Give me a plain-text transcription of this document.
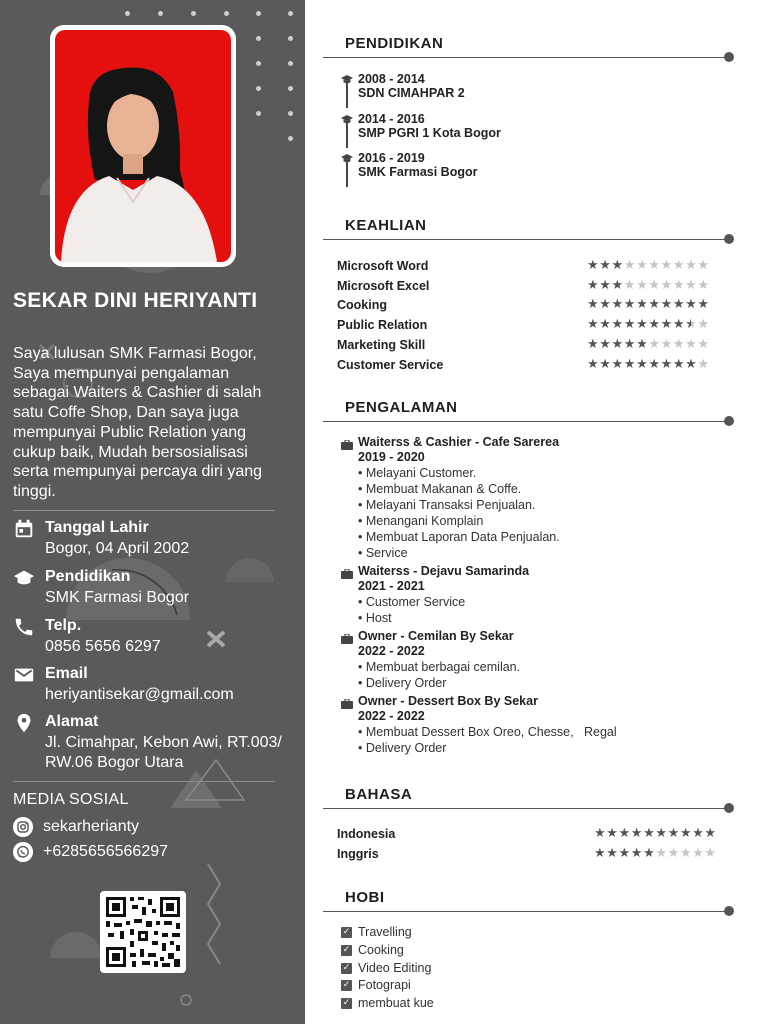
SEKAR DINI HERIYANTI
Saya lulusan SMK Farmasi Bogor, Saya mempunyai pengalaman sebagai Waiters & Cashier di salah satu Coffe Shop, Dan saya juga mempunyai Public Relation yang cukup baik, Mudah bersosialisasi serta mempunyai percaya diri yang tinggi.
Tanggal Lahir
Bogor, 04 April 2002
Pendidikan
SMK Farmasi Bogor
Telp.
0856 5656 6297
Email
heriyantisekar@gmail.com
Alamat
Jl. Cimahpar, Kebon Awi, RT.003/ RW.06 Bogor Utara
MEDIA SOSIAL
sekarherianty
+6285656566297
PENDIDIKAN
2008 - 2014
SDN CIMAHPAR 2
2014 - 2016
SMP PGRI 1 Kota Bogor
2016 - 2019
SMK Farmasi Bogor
KEAHLIAN
Microsoft Word	★★★★★★★★★★
Microsoft Excel	★★★★★★★★★★
Cooking	★★★★★★★★★★
Public Relation	★★★★★★★★★★
Marketing Skill	★★★★★★★★★★
Customer Service	★★★★★★★★★★
PENGALAMAN
Waiterss & Cashier - Cafe Sarerea
2019 - 2020
• Melayani Customer.
• Membuat Makanan & Coffe.
• Melayani Transaksi Penjualan.
• Menangani Komplain
• Membuat Laporan Data Penjualan.
• Service
Waiterss - Dejavu Samarinda
2021 - 2021
• Customer Service
• Host
Owner - Cemilan By Sekar
2022 - 2022
• Membuat berbagai cemilan.
• Delivery Order
Owner - Dessert Box By Sekar
2022 - 2022
• Membuat Dessert Box Oreo, Chesse,   Regal
• Delivery Order
BAHASA
Indonesia	★★★★★★★★★★
Inggris	★★★★★★★★★★
HOBI
✓ Travelling
✓ Cooking
✓ Video Editing
✓ Fotograpi
✓ membuat kue
